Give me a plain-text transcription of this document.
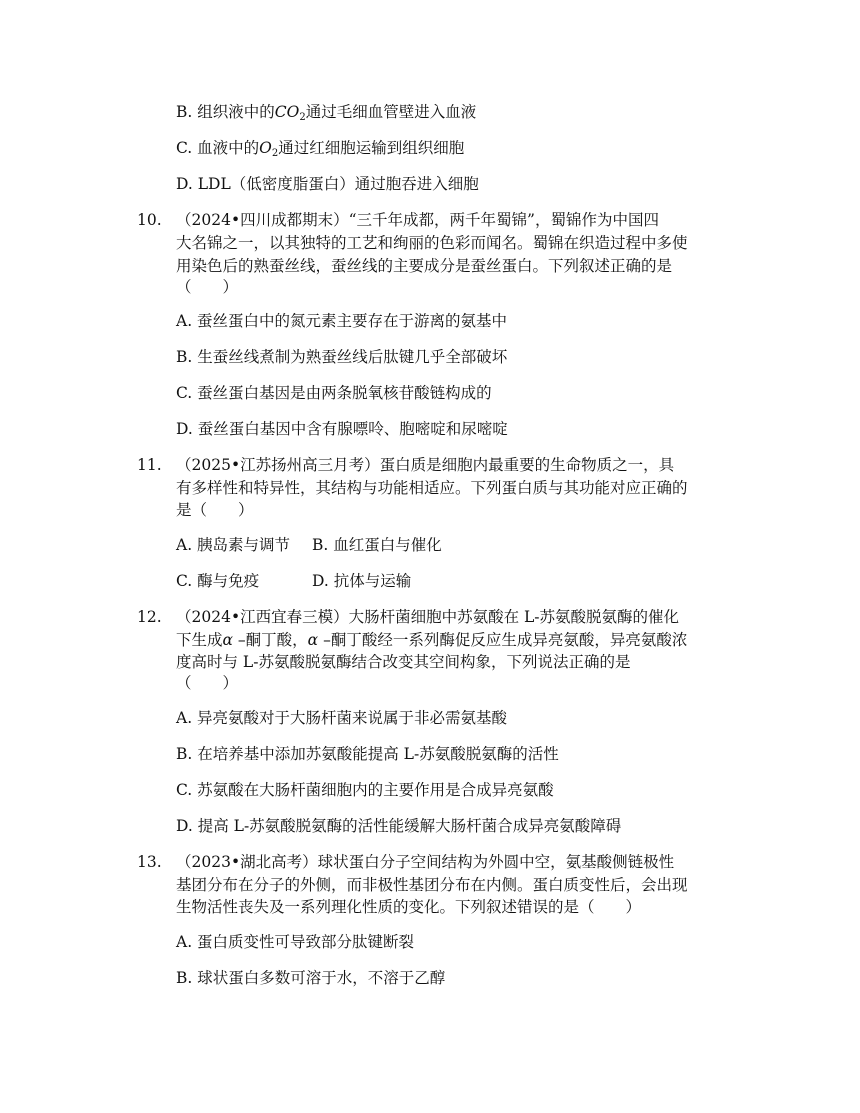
B. 组织液中的$CO_2$通过毛细血管壁进入血液
C. 血液中的$O_2$通过红细胞运输到组织细胞
D. LDL（低密度脂蛋白）通过胞吞进入细胞
10. （2024•四川成都期末）“三千年成都，两千年蜀锦”，蜀锦作为中国四
大名锦之一，以其独特的工艺和绚丽的色彩而闻名。蜀锦在织造过程中多使
用染色后的熟蚕丝线，蚕丝线的主要成分是蚕丝蛋白。下列叙述正确的是
（　　）
A. 蚕丝蛋白中的氮元素主要存在于游离的氨基中
B. 生蚕丝线煮制为熟蚕丝线后肽键几乎全部破坏
C. 蚕丝蛋白基因是由两条脱氧核苷酸链构成的
D. 蚕丝蛋白基因中含有腺嘌呤、胞嘧啶和尿嘧啶
11. （2025•江苏扬州高三月考）蛋白质是细胞内最重要的生命物质之一，具
有多样性和特异性，其结构与功能相适应。下列蛋白质与其功能对应正确的
是（　　）
A. 胰岛素与调节 B. 血红蛋白与催化
C. 酶与免疫	D. 抗体与运输
12. （2024•江西宜春三模）大肠杆菌细胞中苏氨酸在 L-苏氨酸脱氨酶的催化
下生成α –酮丁酸，α –酮丁酸经一系列酶促反应生成异亮氨酸，异亮氨酸浓
度高时与 L-苏氨酸脱氨酶结合改变其空间构象，下列说法正确的是
（　　）
A. 异亮氨酸对于大肠杆菌来说属于非必需氨基酸
B. 在培养基中添加苏氨酸能提高 L-苏氨酸脱氨酶的活性
C. 苏氨酸在大肠杆菌细胞内的主要作用是合成异亮氨酸
D. 提高 L-苏氨酸脱氨酶的活性能缓解大肠杆菌合成异亮氨酸障碍
13. （2023•湖北高考）球状蛋白分子空间结构为外圆中空，氨基酸侧链极性
基团分布在分子的外侧，而非极性基团分布在内侧。蛋白质变性后，会出现
生物活性丧失及一系列理化性质的变化。下列叙述错误的是（　　）
A. 蛋白质变性可导致部分肽键断裂
B. 球状蛋白多数可溶于水，不溶于乙醇
